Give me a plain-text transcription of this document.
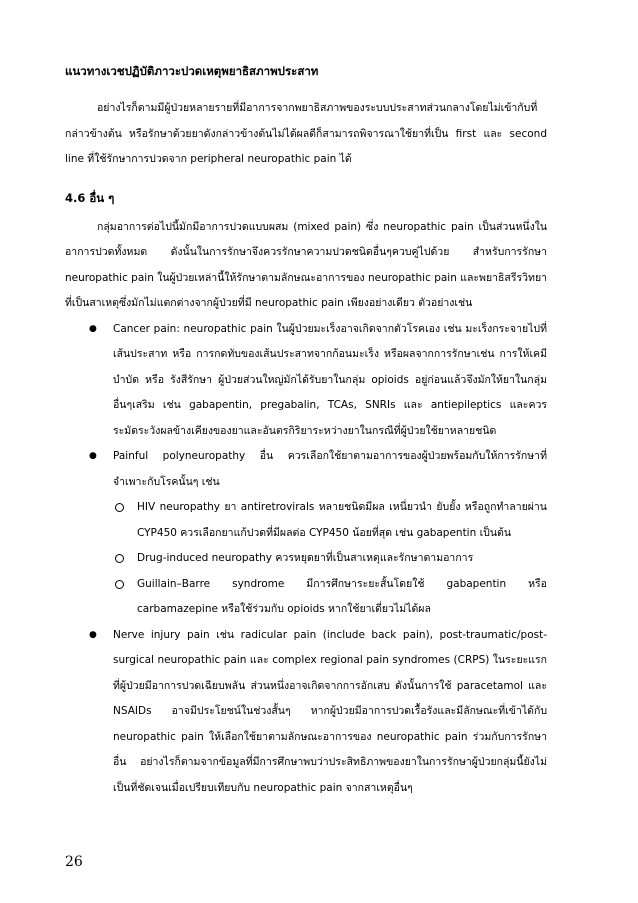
แนวทางเวชปฏิบัติภาวะปวดเหตุพยาธิสภาพประสาท

อย่างไรก็ตามมีผู้ป่วยหลายรายที่มีอาการจากพยาธิสภาพของระบบประสาทส่วนกลางโดยไม่เข้ากับที่กล่าวข้างต้น หรือรักษาด้วยยาดังกล่าวข้างต้นไม่ได้ผลดีก็สามารถพิจารณาใช้ยาที่เป็น first และ second line ที่ใช้รักษาการปวดจาก peripheral neuropathic pain ได้

4.6 อื่น ๆ

กลุ่มอาการต่อไปนี้มักมีอาการปวดแบบผสม (mixed pain) ซึ่ง neuropathic pain เป็นส่วนหนึ่งในอาการปวดทั้งหมด ดังนั้นในการรักษาจึงควรรักษาความปวดชนิดอื่นๆควบคู่ไปด้วย สำหรับการรักษา neuropathic pain ในผู้ป่วยเหล่านี้ให้รักษาตามลักษณะอาการของ neuropathic pain และพยาธิสรีรวิทยาที่เป็นสาเหตุซึ่งมักไม่แตกต่างจากผู้ป่วยที่มี neuropathic pain เพียงอย่างเดียว ตัวอย่างเช่น

● Cancer pain: neuropathic pain ในผู้ป่วยมะเร็งอาจเกิดจากตัวโรคเอง เช่น มะเร็งกระจายไปที่เส้นประสาท หรือ การกดทับของเส้นประสาทจากก้อนมะเร็ง หรือผลจากการรักษาเช่น การให้เคมีบำบัด หรือ รังสีรักษา ผู้ป่วยส่วนใหญ่มักได้รับยาในกลุ่ม opioids อยู่ก่อนแล้วจึงมักให้ยาในกลุ่มอื่นๆเสริม เช่น gabapentin, pregabalin, TCAs, SNRIs และ antiepileptics และควรระมัดระวังผลข้างเคียงของยาและอันตรกิริยาระหว่างยาในกรณีที่ผู้ป่วยใช้ยาหลายชนิด
● Painful polyneuropathy อื่น ควรเลือกใช้ยาตามอาการของผู้ป่วยพร้อมกับให้การรักษาที่จำเพาะกับโรคนั้นๆ เช่น
HIV neuropathy ยา antiretrovirals หลายชนิดมีผล เหนี่ยวนำ ยับยั้ง หรือถูกทำลายผ่าน CYP450 ควรเลือกยาแก้ปวดที่มีผลต่อ CYP450 น้อยที่สุด เช่น gabapentin เป็นต้น
Drug-induced neuropathy ควรหยุดยาที่เป็นสาเหตุและรักษาตามอาการ
Guillain–Barre syndrome มีการศึกษาระยะสั้นโดยใช้ gabapentin หรือ carbamazepine หรือใช้ร่วมกับ opioids หากใช้ยาเดี่ยวไม่ได้ผล
● Nerve injury pain เช่น radicular pain (include back pain), post-traumatic/post-surgical neuropathic pain และ complex regional pain syndromes (CRPS) ในระยะแรกที่ผู้ป่วยมีอาการปวดเฉียบพลัน ส่วนหนึ่งอาจเกิดจากการอักเสบ ดังนั้นการใช้ paracetamol และ NSAIDs อาจมีประโยชน์ในช่วงสั้นๆ หากผู้ป่วยมีอาการปวดเรื้อรังและมีลักษณะที่เข้าได้กับ neuropathic pain ให้เลือกใช้ยาตามลักษณะอาการของ neuropathic pain ร่วมกับการรักษาอื่น อย่างไรก็ตามจากข้อมูลที่มีการศึกษาพบว่าประสิทธิภาพของยาในการรักษาผู้ป่วยกลุ่มนี้ยังไม่เป็นที่ชัดเจนเมื่อเปรียบเทียบกับ neuropathic pain จากสาเหตุอื่นๆ
26
